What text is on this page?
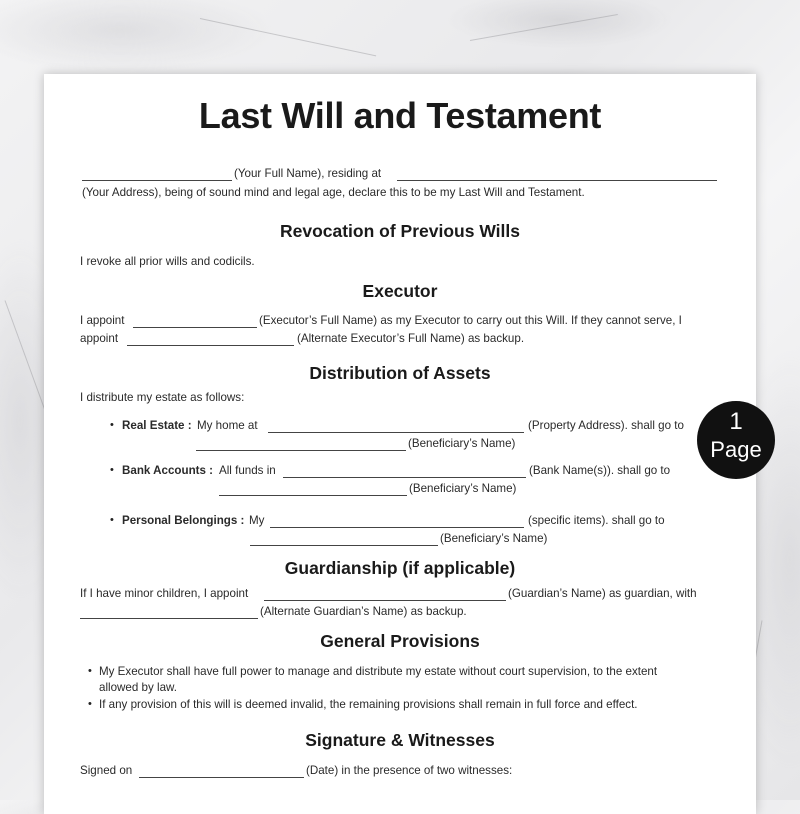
Last Will and Testament
(Your Full Name), residing at
(Your Address), being of sound mind and legal age, declare this to be my Last Will and Testament.
Revocation of Previous Wills
I revoke all prior wills and codicils.
Executor
I appoint	(Executor’s Full Name) as my Executor to carry out this Will. If they cannot serve, I
appoint	(Alternate Executor’s Full Name) as backup.
Distribution of Assets
I distribute my estate as follows:
• Real Estate : My home at	(Property Address). shall go to
(Beneficiary’s Name)
• Bank Accounts : All funds in	(Bank Name(s)). shall go to
(Beneficiary’s Name)
• Personal Belongings : My	(specific items). shall go to
(Beneficiary’s Name)
Guardianship (if applicable)
If I have minor children, I appoint	(Guardian’s Name) as guardian, with
(Alternate Guardian’s Name) as backup.
General Provisions
• My Executor shall have full power to manage and distribute my estate without court supervision, to the extent
allowed by law.
• If any provision of this will is deemed invalid, the remaining provisions shall remain in full force and effect.
Signature & Witnesses
Signed on	(Date) in the presence of two witnesses:
1
Page
